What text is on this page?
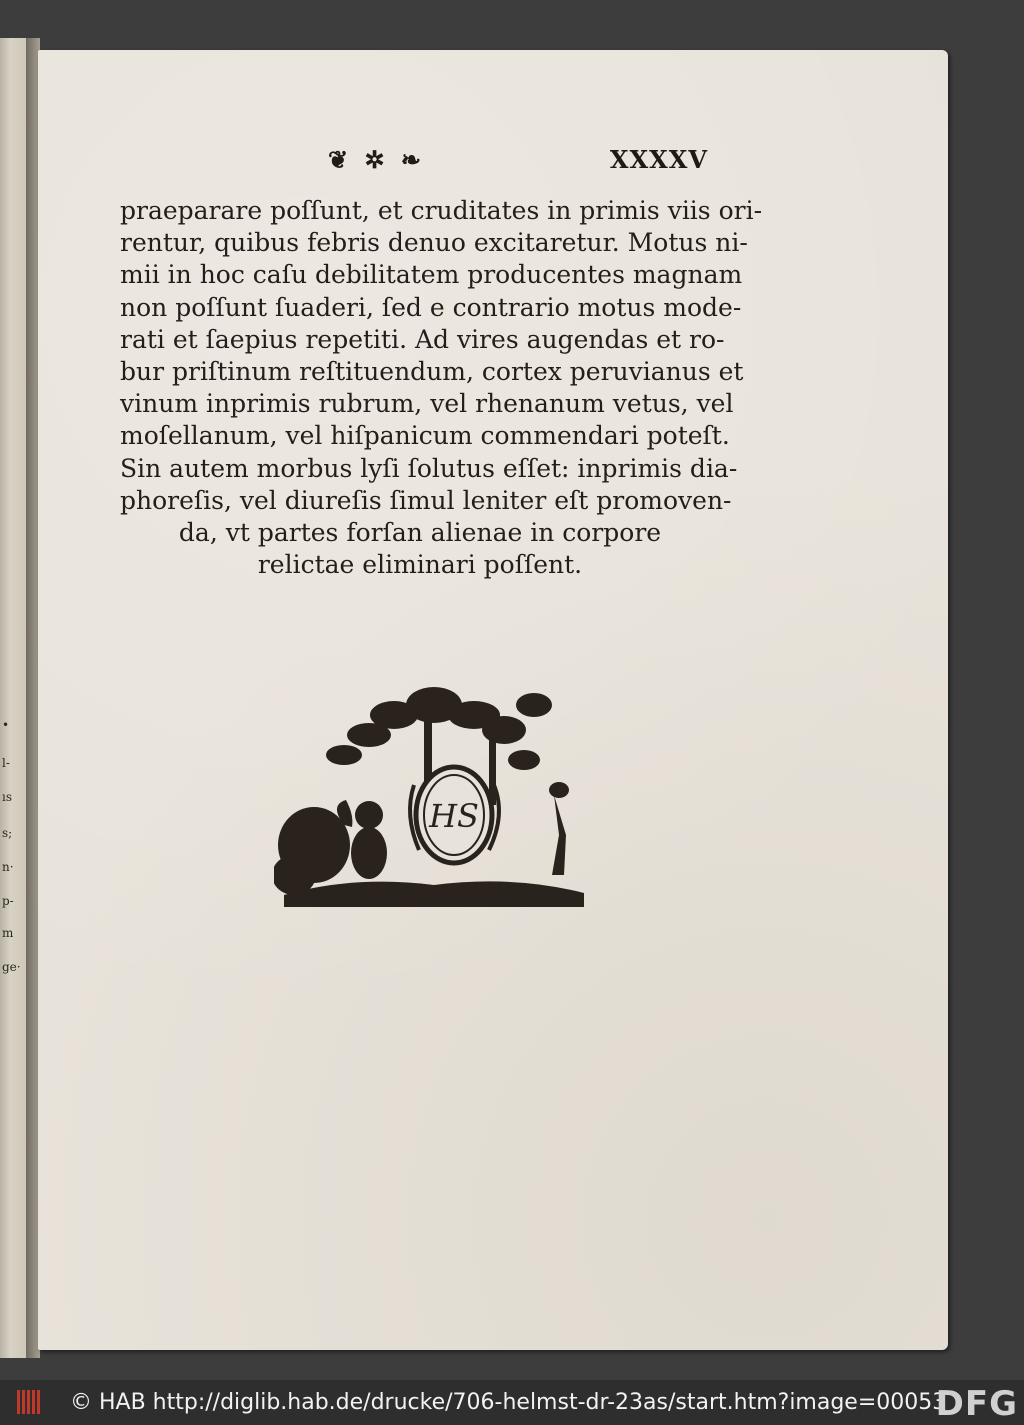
•
l-
ıs
s;
n·
p-
m
ge·
❦ ✲ ❧	XXXXV
praeparare poſſunt, et cruditates in primis viis ori-
rentur, quibus febris denuo excitaretur. Motus ni-
mii in hoc caſu debilitatem producentes magnam
non poſſunt ſuaderi, ſed e contrario motus mode-
rati et ſaepius repetiti. Ad vires augendas et ro-
bur priſtinum reſtituendum, cortex peruvianus et
vinum inprimis rubrum, vel rhenanum vetus, vel
moſellanum, vel hiſpanicum commendari poteſt.
Sin autem morbus lyſi ſolutus eſſet: inprimis dia-
phoreſis, vel diureſis ſimul leniter eſt promoven-
da, vt partes forſan alienae in corpore
relictae eliminari poſſent.
HS
© HAB http://diglib.hab.de/drucke/706-helmst-dr-23as/start.htm?image=00053
DFG
